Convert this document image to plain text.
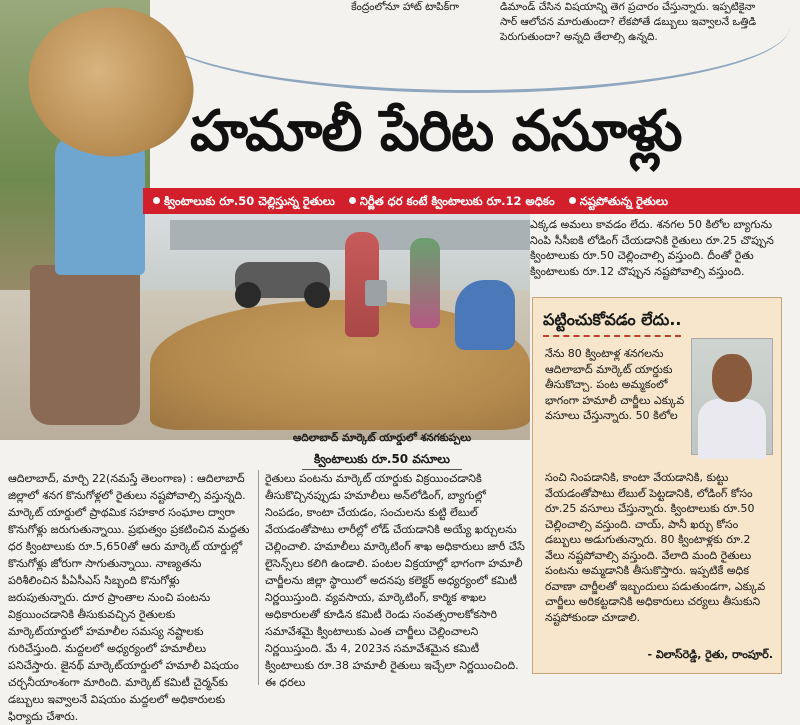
కేంద్రంలోనూ హాట్ టాపిక్‌గా	డిమాండ్ చేసిన విషయాన్ని తెగ ప్రచారం చేస్తున్నారు. ఇప్పటికైనా సార్ ఆలోచన మారుతుందా? లేకపోతే డబ్బులు ఇవ్వాలనే ఒత్తిడి పెరుగుతుందా? అన్నది తేలాల్సి ఉన్నది.
హమాలీ పేరిట వసూళ్లు
క్వింటాలుకు రూ.50 చెల్లిస్తున్న రైతులు నిర్ణీత ధర కంటే క్వింటాలుకు రూ.12 అధికం నష్టపోతున్న రైతులు
ఆదిలాబాద్ మార్కెట్ యార్డులో శనగకుప్పలు
క్వింటాలుకు రూ.50 వసూలు
ఎక్కడ అమలు కావడం లేదు. శనగల 50 కిలోల బ్యాగును నింపి సీసీఐకి లోడింగ్ చేయడానికి రైతులు రూ.25 చొప్పున క్వింటాలుకు రూ.50 చెల్లించాల్సి వస్తుంది. దీంతో రైతు క్వింటాలుకు రూ.12 చొప్పున నష్టపోవాల్సి వస్తుంది.
పట్టించుకోవడం లేదు..
నేను 80 క్వింటాళ్ల శనగలను ఆదిలాబాద్ మార్కెట్ యార్డుకు తీసుకొచ్చా. పంట అమ్మకంలో భాగంగా హమాలీ చార్జీలు ఎక్కువ వసూలు చేస్తున్నారు. 50 కిలోల
సంచి నింపడానికి, కాంటా వేయడానికి, కుట్టు వేయడంతోపాటు లేబుల్ పెట్టడానికి, లోడింగ్ కోసం రూ.25 వసూలు చేస్తున్నారు. క్వింటాలుకు రూ.50 చెల్లించాల్సి వస్తుంది. చాయ్, పానీ ఖర్చు కోసం డబ్బులు అడుగుతున్నారు. 80 క్వింటాళ్లకు రూ.2 వేలు నష్టపోవాల్సి వస్తుంది. వేలాది మంది రైతులు పంటను అమ్మడానికి తీసుకొస్తారు. ఇప్పటికే అధిక రవాణా చార్జీలతో ఇబ్బందులు పడుతుండగా, ఎక్కువ చార్జీలు అరికట్టడానికి అధికారులు చర్యలు తీసుకుని నష్టపోకుండా చూడాలి.
- విలాస్‌రెడ్డి, రైతు, రాంపూర్.
ఆదిలాబాద్, మార్చి 22(నమస్తే తెలంగాణ) : ఆదిలాబాద్ జిల్లాలో శనగ కొనుగోళ్లలో రైతులు నష్టపోవాల్సి వస్తున్నది. మార్కెట్ యార్డులో ప్రాథమిక సహకార సంఘాల ద్వారా కొనుగోళ్లు జరుగుతున్నాయి. ప్రభుత్వం ప్రకటించిన మద్దతు ధర క్వింటాలుకు రూ.5,650తో ఆరు మార్కెట్ యార్డుల్లో కొనుగోళ్లు జోరుగా సాగుతున్నాయి. నాణ్యతను పరిశీలించిన పీఏసీఎస్ సిబ్బంది కొనుగోళ్లు జరుపుతున్నారు. దూర ప్రాంతాల నుంచి పంటను విక్రయించడానికి తీసుకువచ్చిన రైతులకు మార్కెట్‌యార్డులో హమాలీల సమస్య నష్టాలకు గురిచేస్తుంది. మద్దలలో అధ్యర్యంలో హమాలీలు పనిచేస్తారు. జైనథ్ మార్కెట్‌యార్డులో హమాలీ విషయం చర్చనీయాంశంగా మారింది. మార్కెట్ కమిటీ చైర్మన్‌కు డబ్బులు ఇవ్వాలనే విషయం మద్దలలో అధికారులకు ఫిర్యాదు చేశారు.
రైతులు పంటను మార్కెట్ యార్డుకు విక్రయించడానికి తీసుకొచ్చినప్పుడు హమాలీలు అన్‌లోడింగ్, బ్యాగుల్లో నింపడం, కాంటా చేయడం, సంచులను కుట్టి లేబుల్ వేయడంతోపాటు లారీల్లో లోడ్ చేయడానికి అయ్యే ఖర్చులను చెల్లించాలి. హమాలీలు మార్కెటింగ్ శాఖ అధికారులు జారీ చేసే లైసెన్స్‌లు కలిగి ఉండాలి. పంటల విక్రయాల్లో భాగంగా హమాలీ చార్జీలను జిల్లా స్థాయిలో అదనపు కలెక్టర్ అధ్యర్యంలో కమిటీ నిర్ణయిస్తుంది. వ్యవసాయ, మార్కెటింగ్, కార్మిక శాఖల అధికారులతో కూడిన కమిటీ రెండు సంవత్సరాలకోకసారి సమావేశమై క్వింటాలుకు ఎంత చార్జీలు చెల్లించాలని నిర్ణయిస్తుంది. మే 4, 2023న సమావేశమైన కమిటీ క్వింటాలుకు రూ.38 హమాలీ రైతులు ఇచ్చేలా నిర్ణయించింది. ఈ ధరలు
